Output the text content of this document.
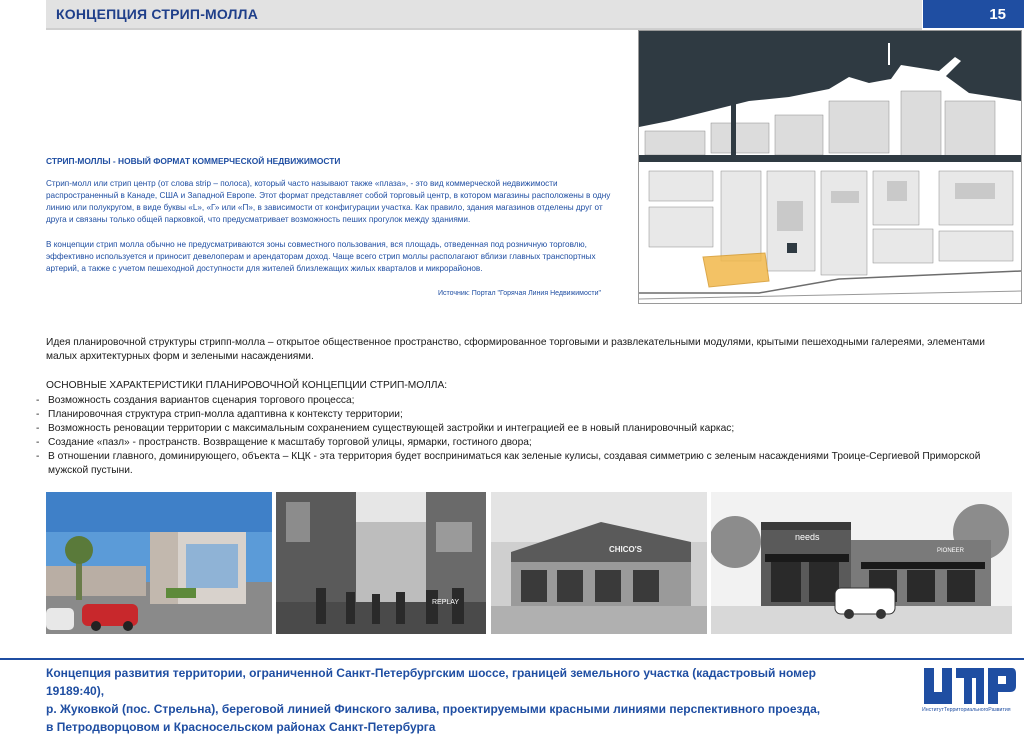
КОНЦЕПЦИЯ СТРИП-МОЛЛА	15
СТРИП-МОЛЛЫ - НОВЫЙ ФОРМАТ КОММЕРЧЕСКОЙ НЕДВИЖИМОСТИ
Стрип-молл или стрип центр (от слова strip – полоса), который часто называют также «плаза», - это вид коммерческой недвижимости распространенный в Канаде, США и Западной Европе. Этот формат представляет собой торговый центр, в котором магазины расположены в одну линию или полукругом, в виде буквы «L», «Г» или «П», в зависимости от конфигурации участка. Как правило, здания магазинов отделены друг от друга и связаны только общей парковкой, что предусматривает возможность пеших прогулок между зданиями.
В концепции стрип молла обычно не предусматриваются зоны совместного пользования, вся площадь, отведенная под розничную торговлю, эффективно используется и приносит девелоперам и арендаторам доход. Чаще всего стрип моллы располагают вблизи главных транспортных артерий, а также с учетом пешеходной доступности для жителей близлежащих жилых кварталов и микрорайонов.
Источник: Портал "Горячая Линия Недвижимости"
Идея планировочной структуры стрипп-молла – открытое общественное пространство, сформированное торговыми и развлекательными модулями, крытыми пешеходными галереями, элементами малых архитектурных форм и зелеными насаждениями.
ОСНОВНЫЕ ХАРАКТЕРИСТИКИ ПЛАНИРОВОЧНОЙ КОНЦЕПЦИИ СТРИП-МОЛЛА:
- Возможность создания вариантов сценария торгового процесса;
- Планировочная структура стрип-молла адаптивна к контексту территории;
- Возможность реновации территории с максимальным сохранением существующей застройки и интеграцией ее в новый планировочный каркас;
- Создание «пазл» - пространств. Возвращение к масштабу торговой улицы, ярмарки, гостиного двора;
- В отношении главного, доминирующего, объекта – КЦК - эта территория будет восприниматься как зеленые кулисы, создавая симметрию с зеленым насаждениями Троице-Сергиевой Приморской мужской пустыни.
REPLAY
CHICO'S
needs
PIONEER
Концепция развития территории, ограниченной Санкт-Петербургским шоссе, границей земельного участка (кадастровый номер 19189:40),
р. Жуковкой (пос. Стрельна), береговой линией Финского залива, проектируемыми красными линиями перспективного проезда,
в Петродворцовом и Красносельском районах Санкт-Петербурга
ИнститутТерриториальногоРазвития
